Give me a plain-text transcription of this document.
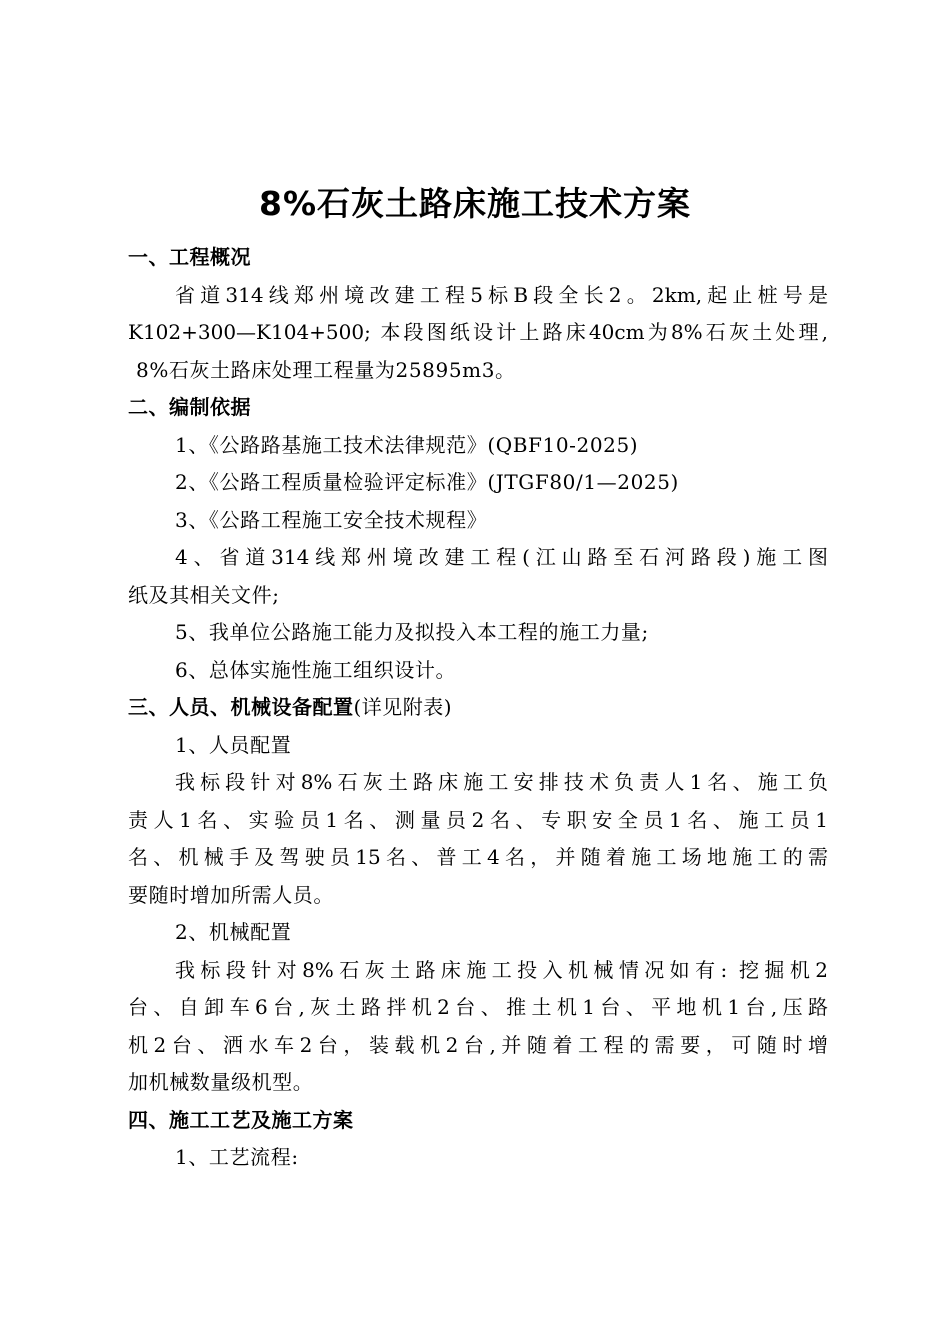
8%石灰土路床施工技术方案
一、工程概况
省道314线郑州境改建工程5标B段全长2。2km,起止桩号是
K102+300—K104+500; 本段图纸设计上路床40cm为8%石灰土处理,
8%石灰土路床处理工程量为25895m3。
二、编制依据
1、《公路路基施工技术法律规范》(QBF10-2025)
2、《公路工程质量检验评定标准》(JTGF80/1—2025)
3、《公路工程施工安全技术规程》
4、省道314线郑州境改建工程(江山路至石河路段)施工图
纸及其相关文件;
5、我单位公路施工能力及拟投入本工程的施工力量;
6、总体实施性施工组织设计。
三、人员、机械设备配置(详见附表)
1、人员配置
我标段针对8%石灰土路床施工安排技术负责人1名、施工负
责人1名、实验员1名、测量员2名、专职安全员1名、施工员1
名、机械手及驾驶员15名、普工4名，并随着施工场地施工的需
要随时增加所需人员。
2、机械配置
我标段针对8%石灰土路床施工投入机械情况如有: 挖掘机2
台、自卸车6台,灰土路拌机2台、推土机1台、平地机1台,压路
机2台、洒水车2台，装载机2台,并随着工程的需要，可随时增
加机械数量级机型。
四、施工工艺及施工方案
1、工艺流程:
